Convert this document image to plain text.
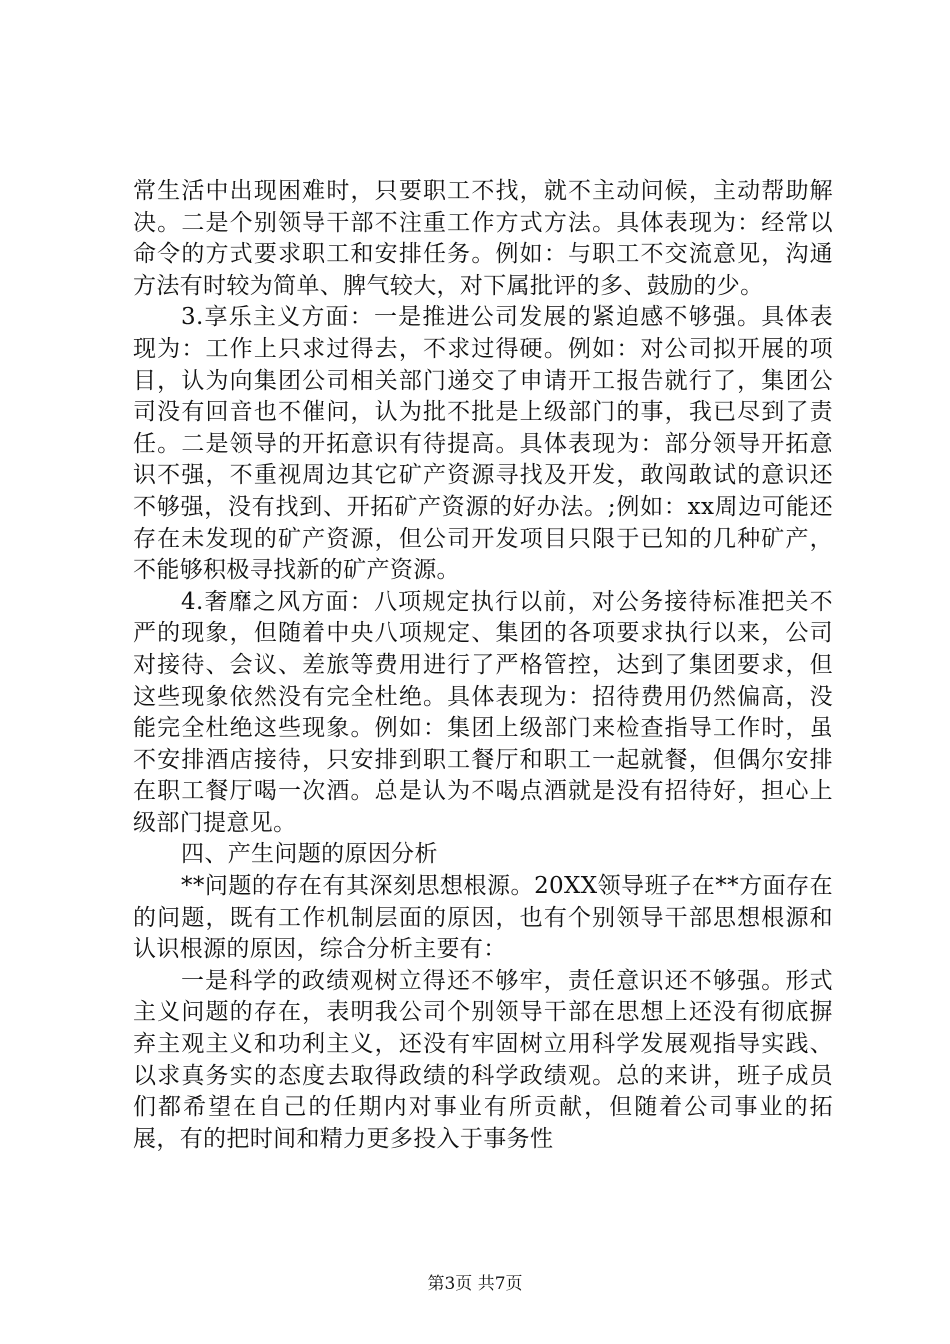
常生活中出现困难时，只要职工不找，就不主动问候，主动帮助解决。二是个别领导干部不注重工作方式方法。具体表现为：经常以命令的方式要求职工和安排任务。例如：与职工不交流意见，沟通方法有时较为简单、脾气较大，对下属批评的多、鼓励的少。

3.享乐主义方面：一是推进公司发展的紧迫感不够强。具体表现为：工作上只求过得去，不求过得硬。例如：对公司拟开展的项目，认为向集团公司相关部门递交了申请开工报告就行了，集团公司没有回音也不催问，认为批不批是上级部门的事，我已尽到了责任。二是领导的开拓意识有待提高。具体表现为：部分领导开拓意识不强，不重视周边其它矿产资源寻找及开发，敢闯敢试的意识还不够强，没有找到、开拓矿产资源的好办法。;例如：xx周边可能还存在未发现的矿产资源，但公司开发项目只限于已知的几种矿产，不能够积极寻找新的矿产资源。

4.奢靡之风方面：八项规定执行以前，对公务接待标准把关不严的现象，但随着中央八项规定、集团的各项要求执行以来，公司对接待、会议、差旅等费用进行了严格管控，达到了集团要求，但这些现象依然没有完全杜绝。具体表现为：招待费用仍然偏高，没能完全杜绝这些现象。例如：集团上级部门来检查指导工作时，虽不安排酒店接待，只安排到职工餐厅和职工一起就餐，但偶尔安排在职工餐厅喝一次酒。总是认为不喝点酒就是没有招待好，担心上级部门提意见。

四、产生问题的原因分析

**问题的存在有其深刻思想根源。20XX领导班子在**方面存在的问题，既有工作机制层面的原因，也有个别领导干部思想根源和认识根源的原因，综合分析主要有：

一是科学的政绩观树立得还不够牢，责任意识还不够强。形式主义问题的存在，表明我公司个别领导干部在思想上还没有彻底摒弃主观主义和功利主义，还没有牢固树立用科学发展观指导实践、以求真务实的态度去取得政绩的科学政绩观。总的来讲，班子成员们都希望在自己的任期内对事业有所贡献，但随着公司事业的拓展，有的把时间和精力更多投入于事务性

第3页 共7页
